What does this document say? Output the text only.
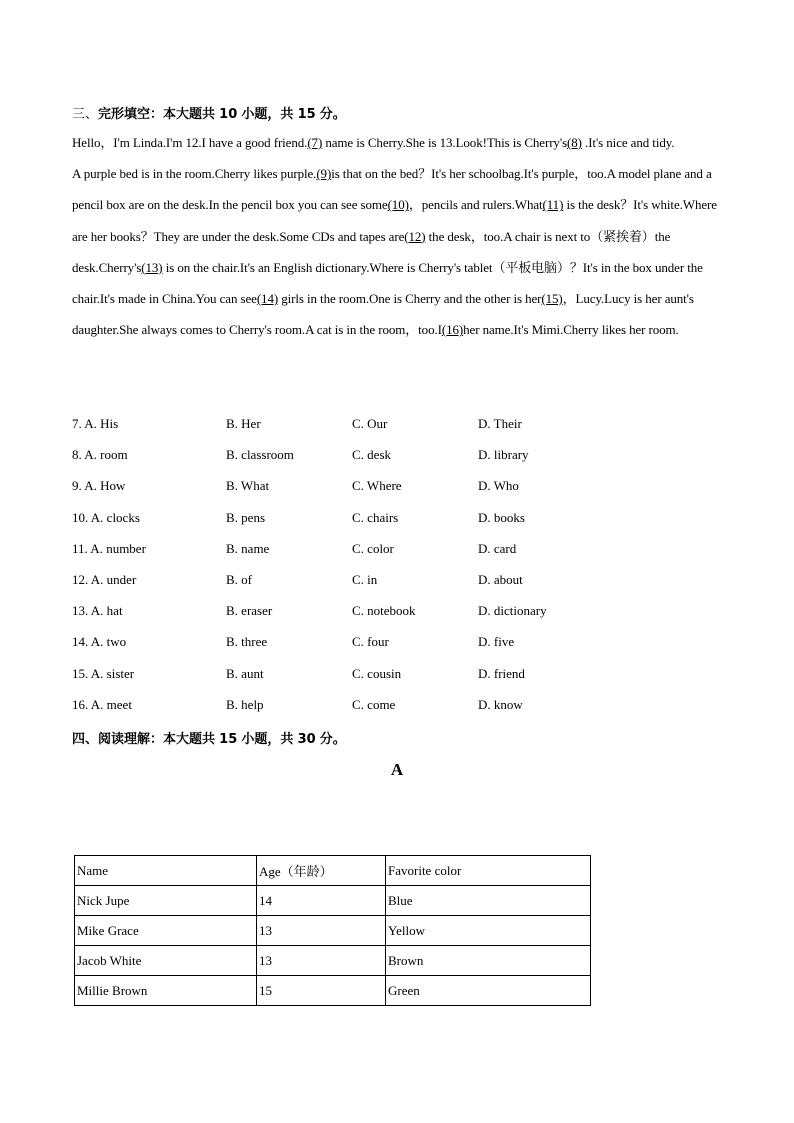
三、完形填空：本大题共 10 小题，共 15 分。
Hello，I'm Linda.I'm 12.I have a good friend.(7) name is Cherry.She is 13.Look!This is Cherry's(8) .It's nice and tidy.
A purple bed is in the room.Cherry likes purple.(9)is that on the bed？It's her schoolbag.It's purple，too.A model plane and a pencil box are on the desk.In the pencil box you can see some(10)，pencils and rulers.What(11) is the desk？It's white.Where are her books？They are under the desk.Some CDs and tapes are(12) the desk，too.A chair is next to（紧挨着）the desk.Cherry's(13) is on the chair.It's an English dictionary.Where is Cherry's tablet（平板电脑）？It's in the box under the chair.It's made in China.You can see(14) girls in the room.One is Cherry and the other is her(15)，Lucy.Lucy is her aunt's daughter.She always comes to Cherry's room.A cat is in the room，too.I(16)her name.It's Mimi.Cherry likes her room.
7. A. His	B. Her	C. Our	D. Their
8. A. room	B. classroom	C. desk	D. library
9. A. How	B. What	C. Where	D. Who
10. A. clocks	B. pens	C. chairs	D. books
11. A. number	B. name	C. color	D. card
12. A. under	B. of	C. in	D. about
13. A. hat	B. eraser	C. notebook	D. dictionary
14. A. two	B. three	C. four	D. five
15. A. sister	B. aunt	C. cousin	D. friend
16. A. meet	B. help	C. come	D. know
四、阅读理解：本大题共 15 小题，共 30 分。
A
Name	Age（年龄）	Favorite color
Nick Jupe	14	Blue
Mike Grace	13	Yellow
Jacob White	13	Brown
Millie Brown	15	Green
